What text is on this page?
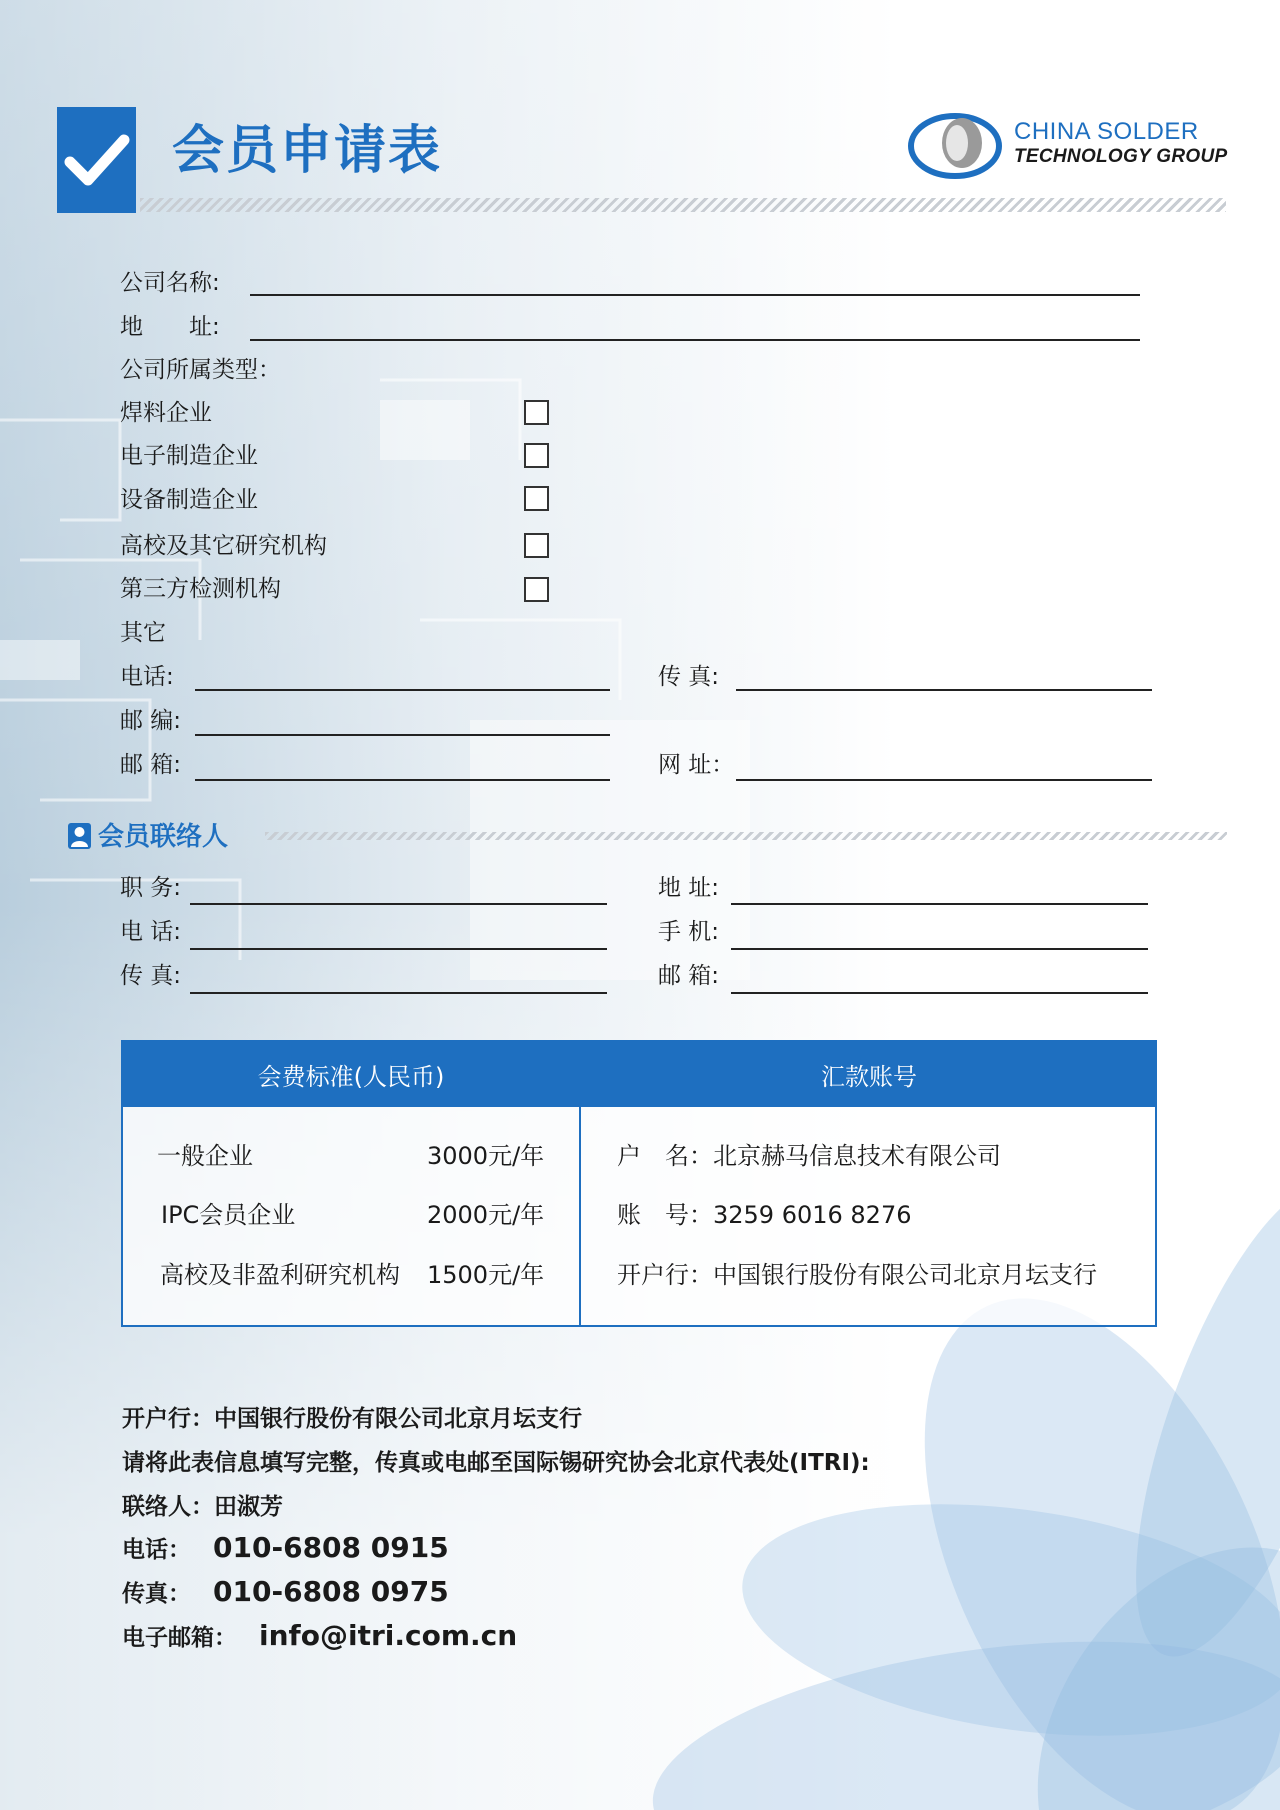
会员申请表	CHINA SOLDER
TECHNOLOGY GROUP
公司名称:
地　　址:
公司所属类型：
焊料企业
电子制造企业
设备制造企业
高校及其它研究机构
第三方检测机构
其它
电话:	传 真:
邮 编:
邮 箱:	网 址：
会员联络人
职 务:	地 址:
电 话:	手 机:
传 真:	邮 箱:
会费标准(人民币)	汇款账号
一般企业	3000元/年
IPC会员企业	2000元/年
高校及非盈利研究机构 1500元/年
户　名：北京赫马信息技术有限公司
账　号：3259 6016 8276
开户行：中国银行股份有限公司北京月坛支行
开户行：中国银行股份有限公司北京月坛支行
请将此表信息填写完整，传真或电邮至国际锡研究协会北京代表处(ITRI):
联络人：田淑芳
电话： 010-6808 0915
传真： 010-6808 0975
电子邮箱： info@itri.com.cn
